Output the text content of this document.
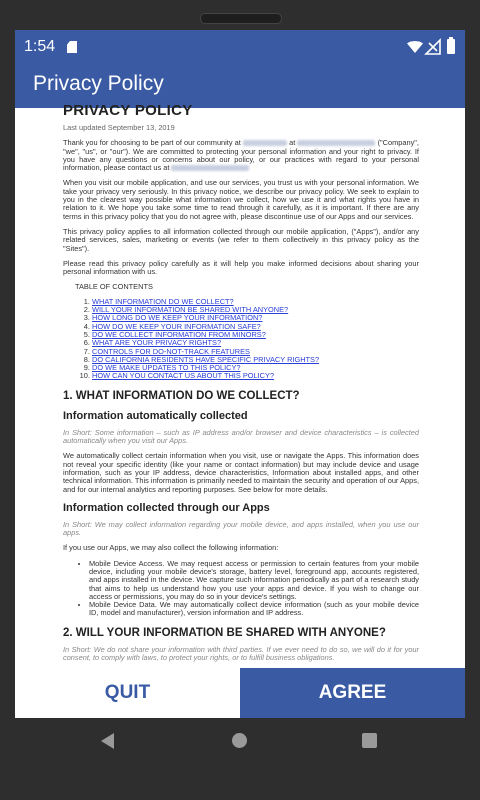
1:54
Privacy Policy
PRIVACY POLICY
Last updated September 13, 2019
Thank you for choosing to be part of our community at	at	("Company", "we", "us", or "our"). We are committed to protecting your personal information and your right to privacy. If you have any questions or concerns about our policy, or our practices with regard to your personal information, please contact us at
When you visit our mobile application, and use our services, you trust us with your personal information. We take your privacy very seriously. In this privacy notice, we describe our privacy policy. We seek to explain to you in the clearest way possible what information we collect, how we use it and what rights you have in relation to it. We hope you take some time to read through it carefully, as it is important. If there are any terms in this privacy policy that you do not agree with, please discontinue use of our Apps and our services.
This privacy policy applies to all information collected through our mobile application, ("Apps"), and/or any related services, sales, marketing or events (we refer to them collectively in this privacy policy as the "Sites").
Please read this privacy policy carefully as it will help you make informed decisions about sharing your personal information with us.
TABLE OF CONTENTS
1. WHAT INFORMATION DO WE COLLECT?
2. WILL YOUR INFORMATION BE SHARED WITH ANYONE?
3. HOW LONG DO WE KEEP YOUR INFORMATION?
4. HOW DO WE KEEP YOUR INFORMATION SAFE?
5. DO WE COLLECT INFORMATION FROM MINORS?
6. WHAT ARE YOUR PRIVACY RIGHTS?
7. CONTROLS FOR DO-NOT-TRACK FEATURES
8. DO CALIFORNIA RESIDENTS HAVE SPECIFIC PRIVACY RIGHTS?
9. DO WE MAKE UPDATES TO THIS POLICY?
10. HOW CAN YOU CONTACT US ABOUT THIS POLICY?
1. WHAT INFORMATION DO WE COLLECT?
Information automatically collected
In Short: Some information – such as IP address and/or browser and device characteristics – is collected automatically when you visit our Apps.
We automatically collect certain information when you visit, use or navigate the Apps. This information does not reveal your specific identity (like your name or contact information) but may include device and usage information, such as your IP address, device characteristics, Information about installed apps, and other technical information. This information is primarily needed to maintain the security and operation of our Apps, and for our internal analytics and reporting purposes. See below for more details.
Information collected through our Apps
In Short: We may collect information regarding your mobile device, and apps installed, when you use our apps.
If you use our Apps, we may also collect the following information:
• Mobile Device Access. We may request access or permission to certain features from your mobile device, including your mobile device's storage, battery level, foreground app, accounts registered, and apps installed in the device. We capture such information periodically as part of a research study that aims to help us understand how you use your apps and device. If you wish to change our access or permissions, you may do so in your device's settings.
• Mobile Device Data. We may automatically collect device information (such as your mobile device ID, model and manufacturer), version information and IP address.
2. WILL YOUR INFORMATION BE SHARED WITH ANYONE?
In Short: We do not share your information with third parties. If we ever need to do so, we will do it for your consent, to comply with laws, to protect your rights, or to fulfill business obligations.
QUIT	AGREE
